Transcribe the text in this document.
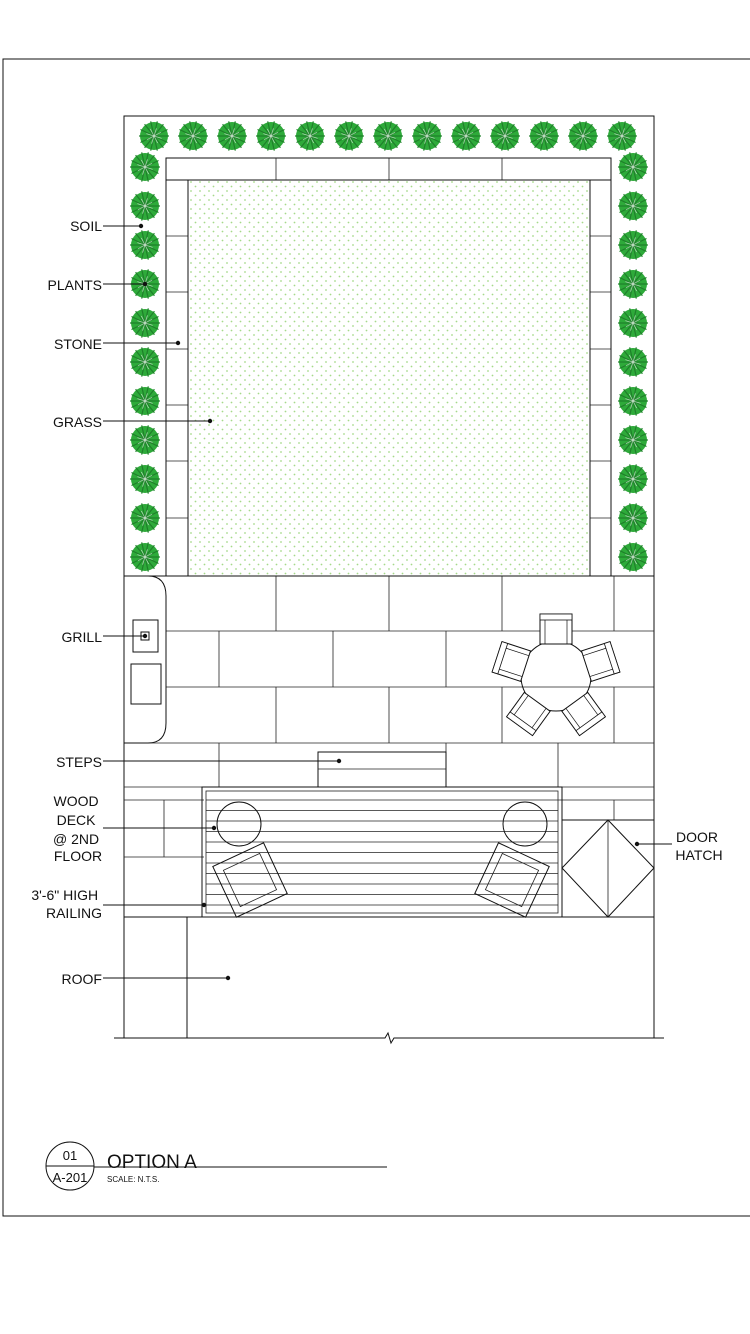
SOIL
PLANTS
STONE
GRASS
GRILL
STEPS
WOOD DECK @ 2ND FLOOR
3'-6" HIGH RAILING
ROOF
DOOR HATCH
01
A-201
OPTION A
SCALE: N.T.S.
